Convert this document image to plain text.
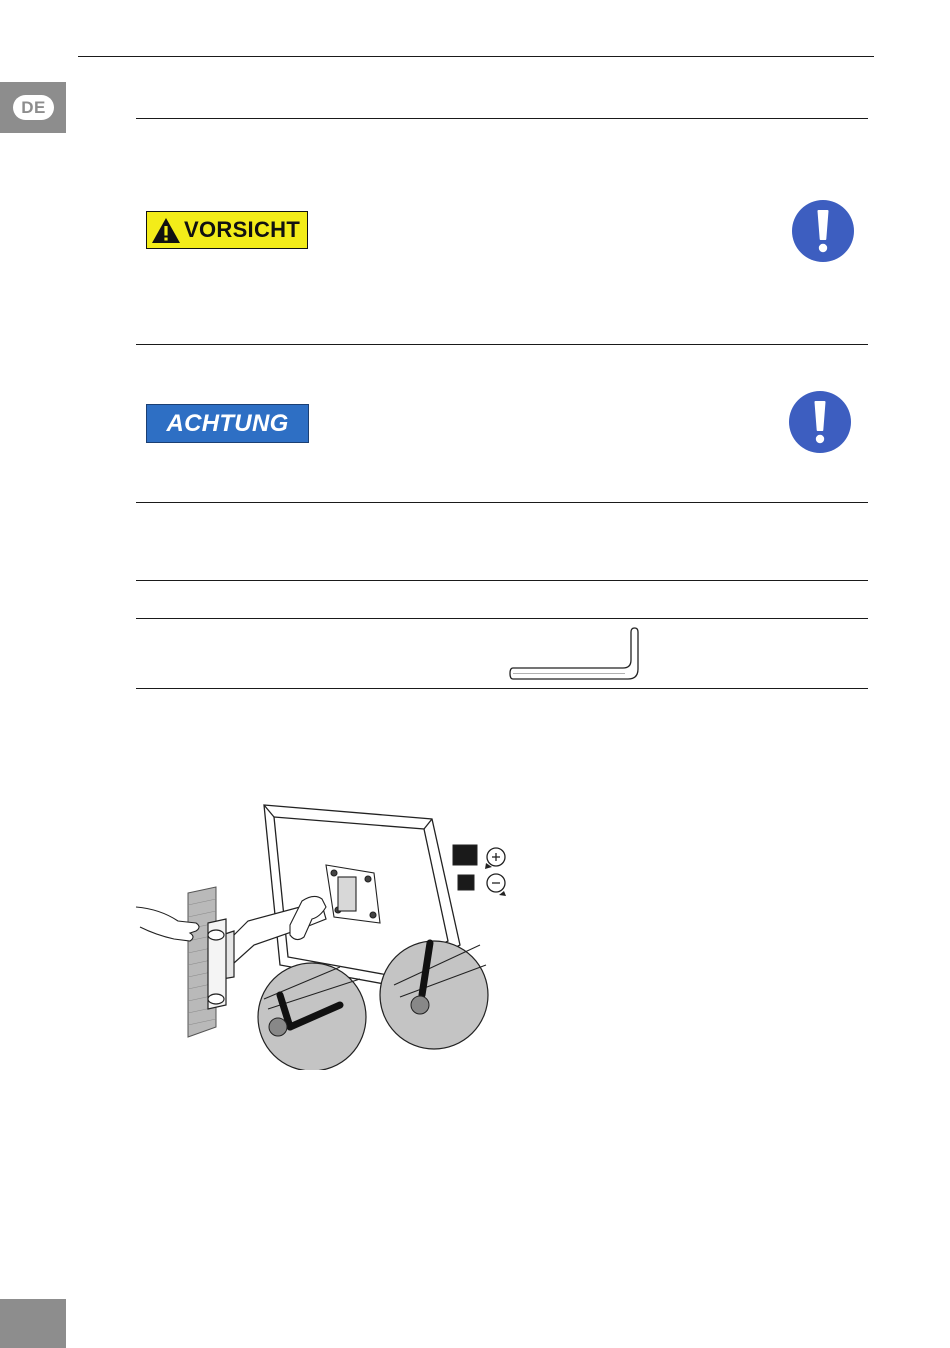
DE
VORSICHT
ACHTUNG
